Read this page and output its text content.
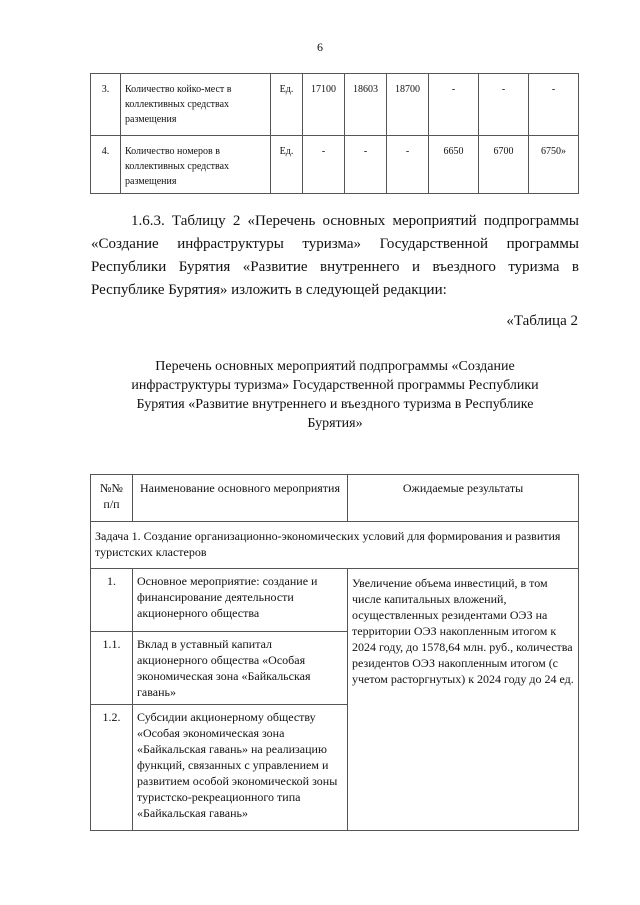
6
3.	Количество койко-мест в коллективных средствах размещения	Ед.	17100	18603	18700	-	-	-
4.	Количество номеров в коллективных средствах размещения	Ед.	-	-	-	6650	6700	6750»
1.6.3. Таблицу 2 «Перечень основных мероприятий подпрограммы «Создание инфраструктуры туризма» Государственной программы Республики Бурятия «Развитие внутреннего и въездного туризма в Республике Бурятия» изложить в следующей редакции:
«Таблица 2
Перечень основных мероприятий подпрограммы «Создание инфраструктуры туризма» Государственной программы Республики Бурятия «Развитие внутреннего и въездного туризма в Республике Бурятия»
№№ п/п	Наименование основного мероприятия	Ожидаемые результаты
Задача 1. Создание организационно-экономических условий для формирования и развития туристских кластеров		
1.	Основное мероприятие: создание и финансирование деятельности акционерного общества	Увеличение объема инвестиций, в том числе капитальных вложений, осуществленных резидентами ОЭЗ на территории ОЭЗ накопленным итогом к 2024 году, до 1578,64 млн. руб., количества резидентов ОЭЗ накопленным итогом (с учетом расторгнутых) к 2024 году до 24 ед.
1.1.	Вклад в уставный капитал акционерного общества «Особая экономическая зона «Байкальская гавань»	
1.2.	Субсидии акционерному обществу «Особая экономическая зона «Байкальская гавань» на реализацию функций, связанных с управлением и развитием особой экономической зоны туристско-рекреационного типа «Байкальская гавань»	
